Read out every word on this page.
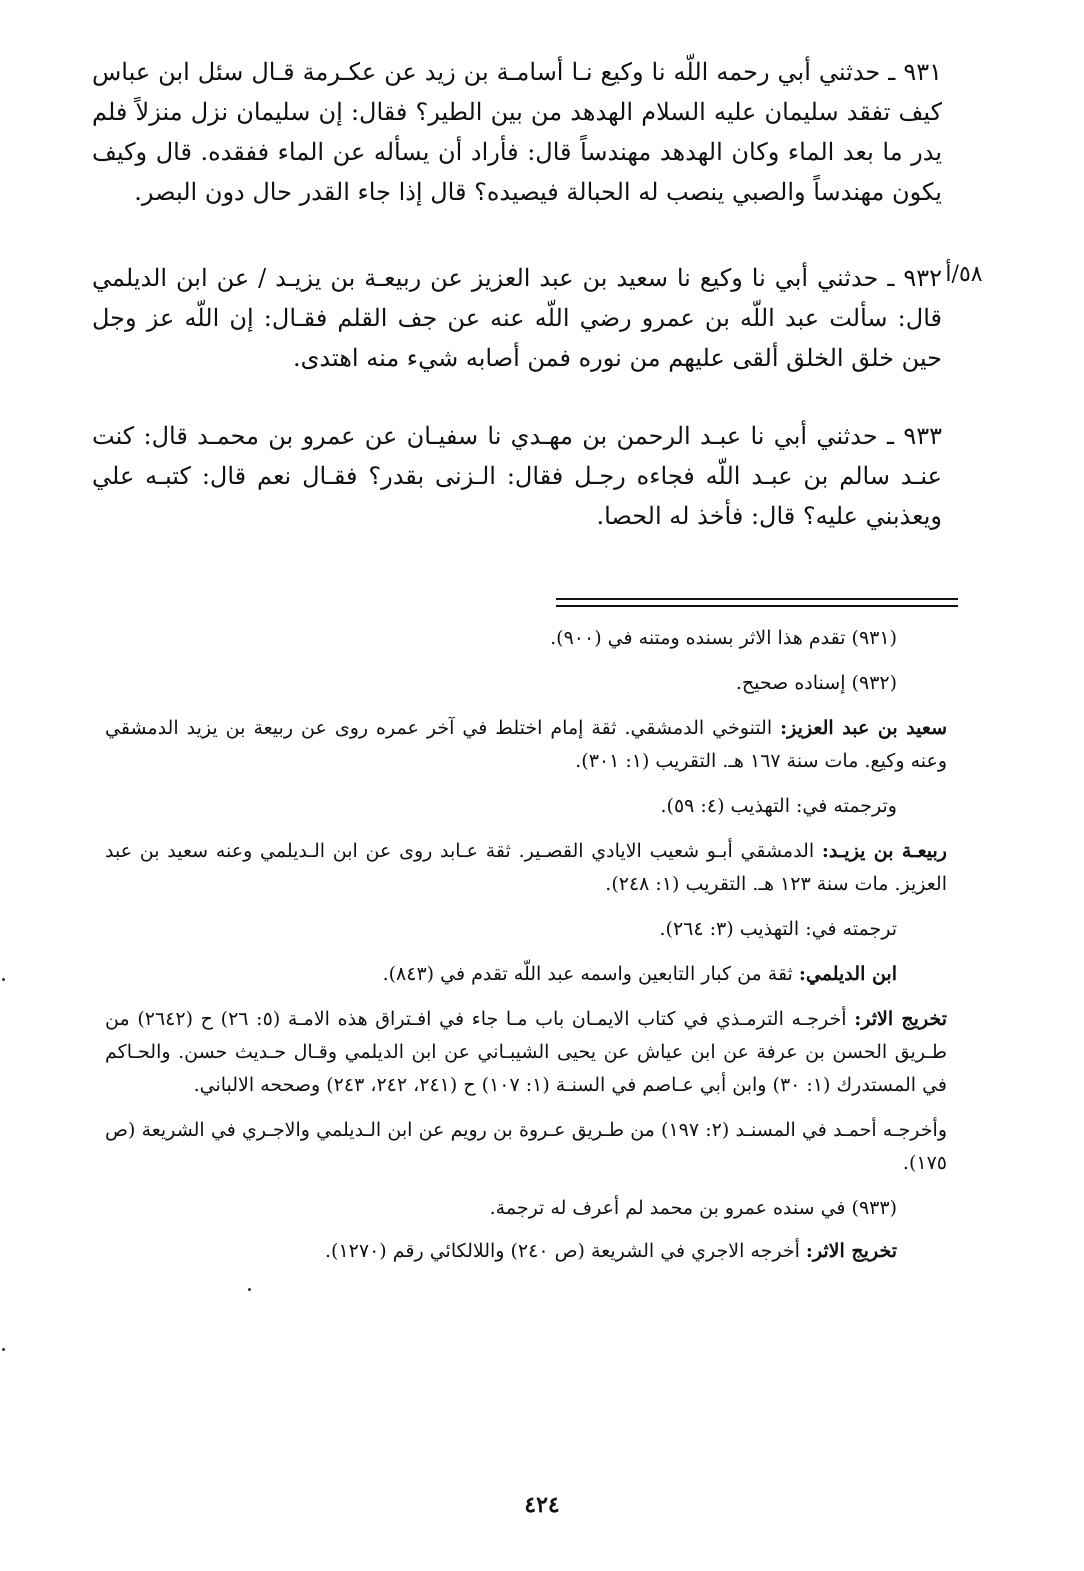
٥٨/أ

٩٣١ ـ حدثني أبي رحمه اللّه نا وكيع نـا أسامـة بن زيد عن عكـرمة قـال سئل ابن عباس كيف تفقد سليمان عليه السلام الهدهد من بين الطير؟ فقال: إن سليمان نزل منزلاً فلم يدر ما بعد الماء وكان الهدهد مهندساً قال: فأراد أن يسأله عن الماء ففقده. قال وكيف يكون مهندساً والصبي ينصب له الحبالة فيصيده؟ قال إذا جاء القدر حال دون البصر.

٩٣٢ ـ حدثني أبي نا وكيع نا سعيد بن عبد العزيز عن ربيعـة بن يزيـد / عن ابن الديلمي قال: سألت عبد اللّه بن عمرو رضي اللّه عنه عن جف القلم فقـال: إن اللّه عز وجل حين خلق الخلق ألقى عليهم من نوره فمن أصابه شيء منه اهتدى.

٩٣٣ ـ حدثني أبي نا عبـد الرحمن بن مهـدي نا سفيـان عن عمرو بن محمـد قال: كنت عنـد سالم بن عبـد اللّه فجاءه رجـل فقال: الـزنى بقدر؟ فقـال نعم قال: كتبـه علي ويعذبني عليه؟ قال: فأخذ له الحصا.

(٩٣١) تقدم هذا الاثر بسنده ومتنه في (٩٠٠).

(٩٣٢) إسناده صحيح.

سعيد بن عبد العزيز: التنوخي الدمشقي. ثقة إمام اختلط في آخر عمره روى عن ربيعة بن يزيد الدمشقي وعنه وكيع. مات سنة ١٦٧ هـ. التقريب (١: ٣٠١).

وترجمته في: التهذيب (٤: ٥٩).

ربيعـة بن يزيـد: الدمشقي أبـو شعيب الايادي القصـير. ثقة عـابد روى عن ابن الـديلمي وعنه سعيد بن عبد العزيز. مات سنة ١٢٣ هـ. التقريب (١: ٢٤٨).

ترجمته في: التهذيب (٣: ٢٦٤).

ابن الديلمي: ثقة من كبار التابعين واسمه عبد اللّه تقدم في (٨٤٣).

تخريج الاثر: أخرجـه الترمـذي في كتاب الايمـان باب مـا جاء في افـتراق هذه الامـة (٥: ٢٦) ح (٢٦٤٢) من طـريق الحسن بن عرفة عن ابن عياش عن يحيى الشيبـاني عن ابن الديلمي وقـال حـديث حسن. والحـاكم في المستدرك (١: ٣٠) وابن أبي عـاصم في السنـة (١: ١٠٧) ح (٢٤١، ٢٤٢، ٢٤٣) وصححه الالباني.

وأخرجـه أحمـد في المسنـد (٢: ١٩٧) من طـريق عـروة بن رويم عن ابن الـديلمي والاجـري في الشريعة (ص ١٧٥).

(٩٣٣) في سنده عمرو بن محمد لم أعرف له ترجمة.

تخريج الاثر: أخرجه الاجري في الشريعة (ص ٢٤٠) واللالكائي رقم (١٢٧٠).

٤٢٤
